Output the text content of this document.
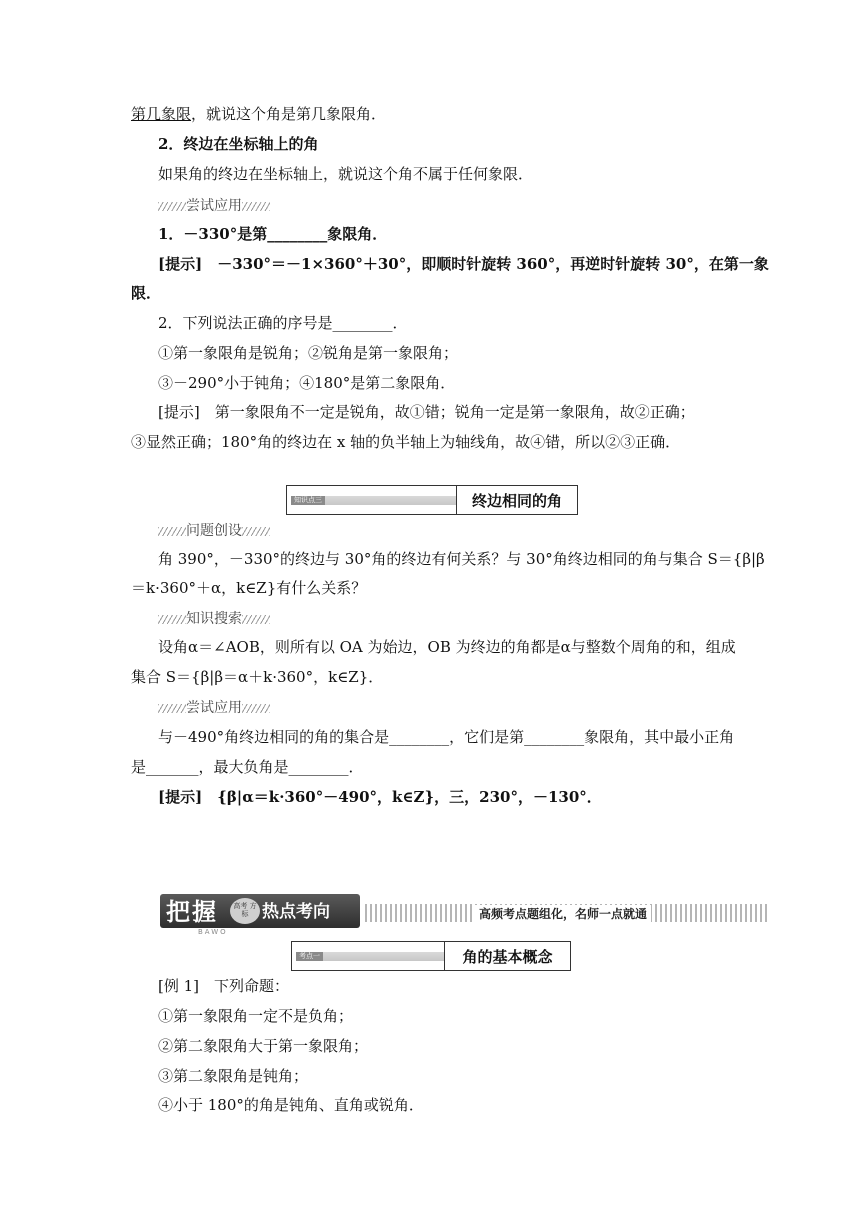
第几象限，就说这个角是第几象限角．
2．终边在坐标轴上的角
如果角的终边在坐标轴上，就说这个角不属于任何象限．
尝试应用
1．－330°是第________象限角．
[提示]　－330°＝－1×360°＋30°，即顺时针旋转 360°，再逆时针旋转 30°，在第一象
限．
2．下列说法正确的序号是________．
①第一象限角是锐角；②锐角是第一象限角；
③－290°小于钝角；④180°是第二象限角．
[提示]　第一象限角不一定是锐角，故①错；锐角一定是第一象限角，故②正确；
③显然正确；180°角的终边在 x 轴的负半轴上为轴线角，故④错，所以②③正确．
知识点三	终边相同的角
问题创设
角 390°，－330°的终边与 30°角的终边有何关系？与 30°角终边相同的角与集合 S＝{β|β
＝k·360°＋α，k∈Z}有什么关系？
知识搜索
设角α＝∠AOB，则所有以 OA 为始边，OB 为终边的角都是α与整数个周角的和，组成
集合 S＝{β|β＝α＋k·360°，k∈Z}．
尝试应用
与－490°角终边相同的角的集合是________，它们是第________象限角，其中最小正角
是_______，最大负角是________．
[提示]　{β|α＝k·360°－490°，k∈Z}，三，230°，－130°．
把握	高考 方标 热点考向	高频考点题组化，名师一点就通
BAWO
考点一	角的基本概念
[例 1]　下列命题：
①第一象限角一定不是负角；
②第二象限角大于第一象限角；
③第二象限角是钝角；
④小于 180°的角是钝角、直角或锐角．
